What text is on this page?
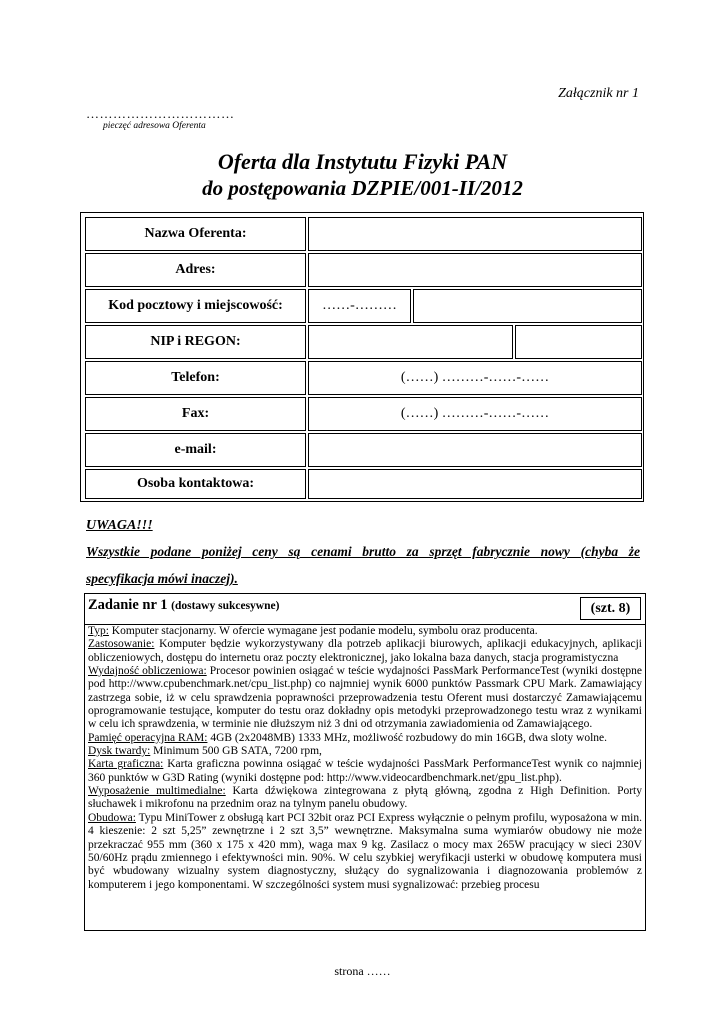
Załącznik nr 1
……………………………
pieczęć adresowa Oferenta
Oferta dla Instytutu Fizyki PAN
do postępowania DZPIE/001-II/2012
Nazwa Oferenta:
Adres:
Kod pocztowy i miejscowość:	……-………
NIP i REGON:
Telefon:	(……) ………-……-……
Fax:	(……) ………-……-……
e-mail:
Osoba kontaktowa:
UWAGA!!!
Wszystkie podane poniżej ceny są cenami brutto za sprzęt fabrycznie nowy (chyba że
specyfikacja mówi inaczej).
Zadanie nr 1 (dostawy sukcesywne)	(szt. 8)
Typ: Komputer stacjonarny. W ofercie wymagane jest podanie modelu, symbolu oraz producenta.
Zastosowanie: Komputer będzie wykorzystywany dla potrzeb aplikacji biurowych, aplikacji edukacyjnych, aplikacji obliczeniowych, dostępu do internetu oraz poczty elektronicznej, jako lokalna baza danych, stacja programistyczna
Wydajność obliczeniowa: Procesor powinien osiągać w teście wydajności PassMark PerformanceTest (wyniki dostępne pod http://www.cpubenchmark.net/cpu_list.php) co najmniej wynik 6000 punktów Passmark CPU Mark. Zamawiający zastrzega sobie, iż w celu sprawdzenia poprawności przeprowadzenia testu Oferent musi dostarczyć Zamawiającemu oprogramowanie testujące, komputer do testu oraz dokładny opis metodyki przeprowadzonego testu wraz z wynikami w celu ich sprawdzenia, w terminie nie dłuższym niż 3 dni od otrzymania zawiadomienia od Zamawiającego.
Pamięć operacyjna RAM: 4GB (2x2048MB) 1333 MHz, możliwość rozbudowy do min 16GB, dwa sloty wolne.
Dysk twardy: Minimum 500 GB SATA, 7200 rpm,
Karta graficzna: Karta graficzna powinna osiągać w teście wydajności PassMark PerformanceTest wynik co najmniej 360 punktów w G3D Rating (wyniki dostępne pod: http://www.videocardbenchmark.net/gpu_list.php).
Wyposażenie multimedialne: Karta dźwiękowa zintegrowana z płytą główną, zgodna z High Definition. Porty słuchawek i mikrofonu na przednim oraz na tylnym panelu obudowy.
Obudowa: Typu MiniTower z obsługą kart PCI 32bit oraz PCI Express wyłącznie o pełnym profilu, wyposażona w min. 4 kieszenie: 2 szt 5,25” zewnętrzne i 2 szt 3,5” wewnętrzne. Maksymalna suma wymiarów obudowy nie może przekraczać 955 mm (360 x 175 x 420 mm), waga max 9 kg. Zasilacz o mocy max 265W pracujący w sieci 230V 50/60Hz prądu zmiennego i efektywności min. 90%. W celu szybkiej weryfikacji usterki w obudowę komputera musi być wbudowany wizualny system diagnostyczny, służący do sygnalizowania i diagnozowania problemów z komputerem i jego komponentami. W szczególności system musi sygnalizować: przebieg procesu
strona ……
